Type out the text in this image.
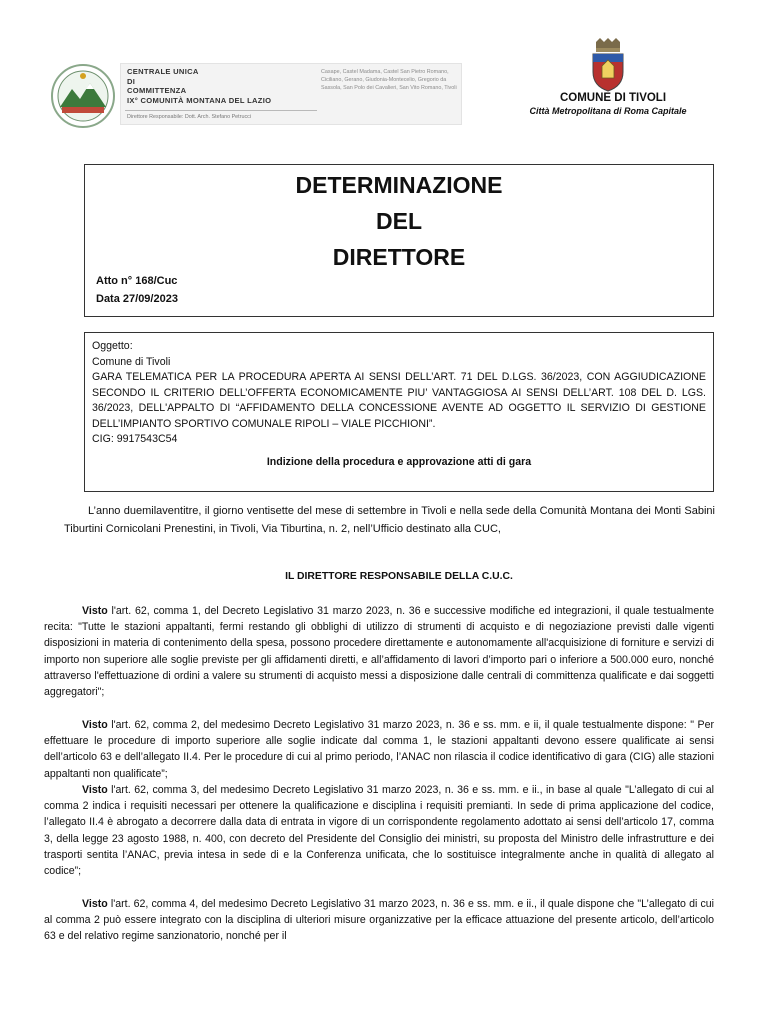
CENTRALE UNICA
DI
COMMITTENZA
IX° COMUNITÀ MONTANA DEL LAZIO
Casape, Castel Madama, Castel San Pietro Romano, Ciciliano, Gerano, Giudonia-Montecelio, Gregorio da Sassola, San Polo dei Cavalieri, San Vito Romano, Tivoli
Direttore Responsabile: Dott. Arch. Stefano Petrucci
COMUNE DI TIVOLI
Città Metropolitana di Roma Capitale
DETERMINAZIONE
DEL
DIRETTORE
Atto n° 168/Cuc
Data 27/09/2023
Oggetto:
Comune di Tivoli
GARA TELEMATICA PER LA PROCEDURA APERTA AI SENSI DELL’ART. 71 DEL D.LGS. 36/2023, CON AGGIUDICAZIONE SECONDO IL CRITERIO DELL’OFFERTA ECONOMICAMENTE PIU’ VANTAGGIOSA AI SENSI DELL’ART. 108 DEL D. LGS. 36/2023, DELL'APPALTO DI “AFFIDAMENTO DELLA CONCESSIONE AVENTE AD OGGETTO IL SERVIZIO DI GESTIONE DELL’IMPIANTO SPORTIVO COMUNALE RIPOLI – VIALE PICCHIONI”.
CIG: 9917543C54
Indizione della procedura e approvazione atti di gara
L’anno duemilaventitre, il giorno ventisette del mese di settembre in Tivoli e nella sede della Comunità Montana dei Monti Sabini Tiburtini Cornicolani Prenestini, in Tivoli, Via Tiburtina, n. 2, nell’Ufficio destinato alla CUC,
IL DIRETTORE RESPONSABILE DELLA C.U.C.
Visto l'art. 62, comma 1, del Decreto Legislativo 31 marzo 2023, n. 36 e successive modifiche ed integrazioni, il quale testualmente recita: "Tutte le stazioni appaltanti, fermi restando gli obblighi di utilizzo di strumenti di acquisto e di negoziazione previsti dalle vigenti disposizioni in materia di contenimento della spesa, possono procedere direttamente e autonomamente all'acquisizione di forniture e servizi di importo non superiore alle soglie previste per gli affidamenti diretti, e all’affidamento di lavori d’importo pari o inferiore a 500.000 euro, nonché attraverso l'effettuazione di ordini a valere su strumenti di acquisto messi a disposizione dalle centrali di committenza qualificate e dai soggetti aggregatori";
Visto l'art. 62, comma 2, del medesimo Decreto Legislativo 31 marzo 2023, n. 36 e ss. mm. e ii, il quale testualmente dispone: " Per effettuare le procedure di importo superiore alle soglie indicate dal comma 1, le stazioni appaltanti devono essere qualificate ai sensi dell’articolo 63 e dell’allegato II.4. Per le procedure di cui al primo periodo, l’ANAC non rilascia il codice identificativo di gara (CIG) alle stazioni appaltanti non qualificate”;
Visto l'art. 62, comma 3, del medesimo Decreto Legislativo 31 marzo 2023, n. 36 e ss. mm. e ii., in base al quale "L’allegato di cui al comma 2 indica i requisiti necessari per ottenere la qualificazione e disciplina i requisiti premianti. In sede di prima applicazione del codice, l’allegato II.4 è abrogato a decorrere dalla data di entrata in vigore di un corrispondente regolamento adottato ai sensi dell’articolo 17, comma 3, della legge 23 agosto 1988, n. 400, con decreto del Presidente del Consiglio dei ministri, su proposta del Ministro delle infrastrutture e dei trasporti sentita l’ANAC, previa intesa in sede di e la Conferenza unificata, che lo sostituisce integralmente anche in qualità di allegato al codice”;
Visto l'art. 62, comma 4, del medesimo Decreto Legislativo 31 marzo 2023, n. 36 e ss. mm. e ii., il quale dispone che "L’allegato di cui al comma 2 può essere integrato con la disciplina di ulteriori misure organizzative per la efficace attuazione del presente articolo, dell’articolo 63 e del relativo regime sanzionatorio, nonché per il
